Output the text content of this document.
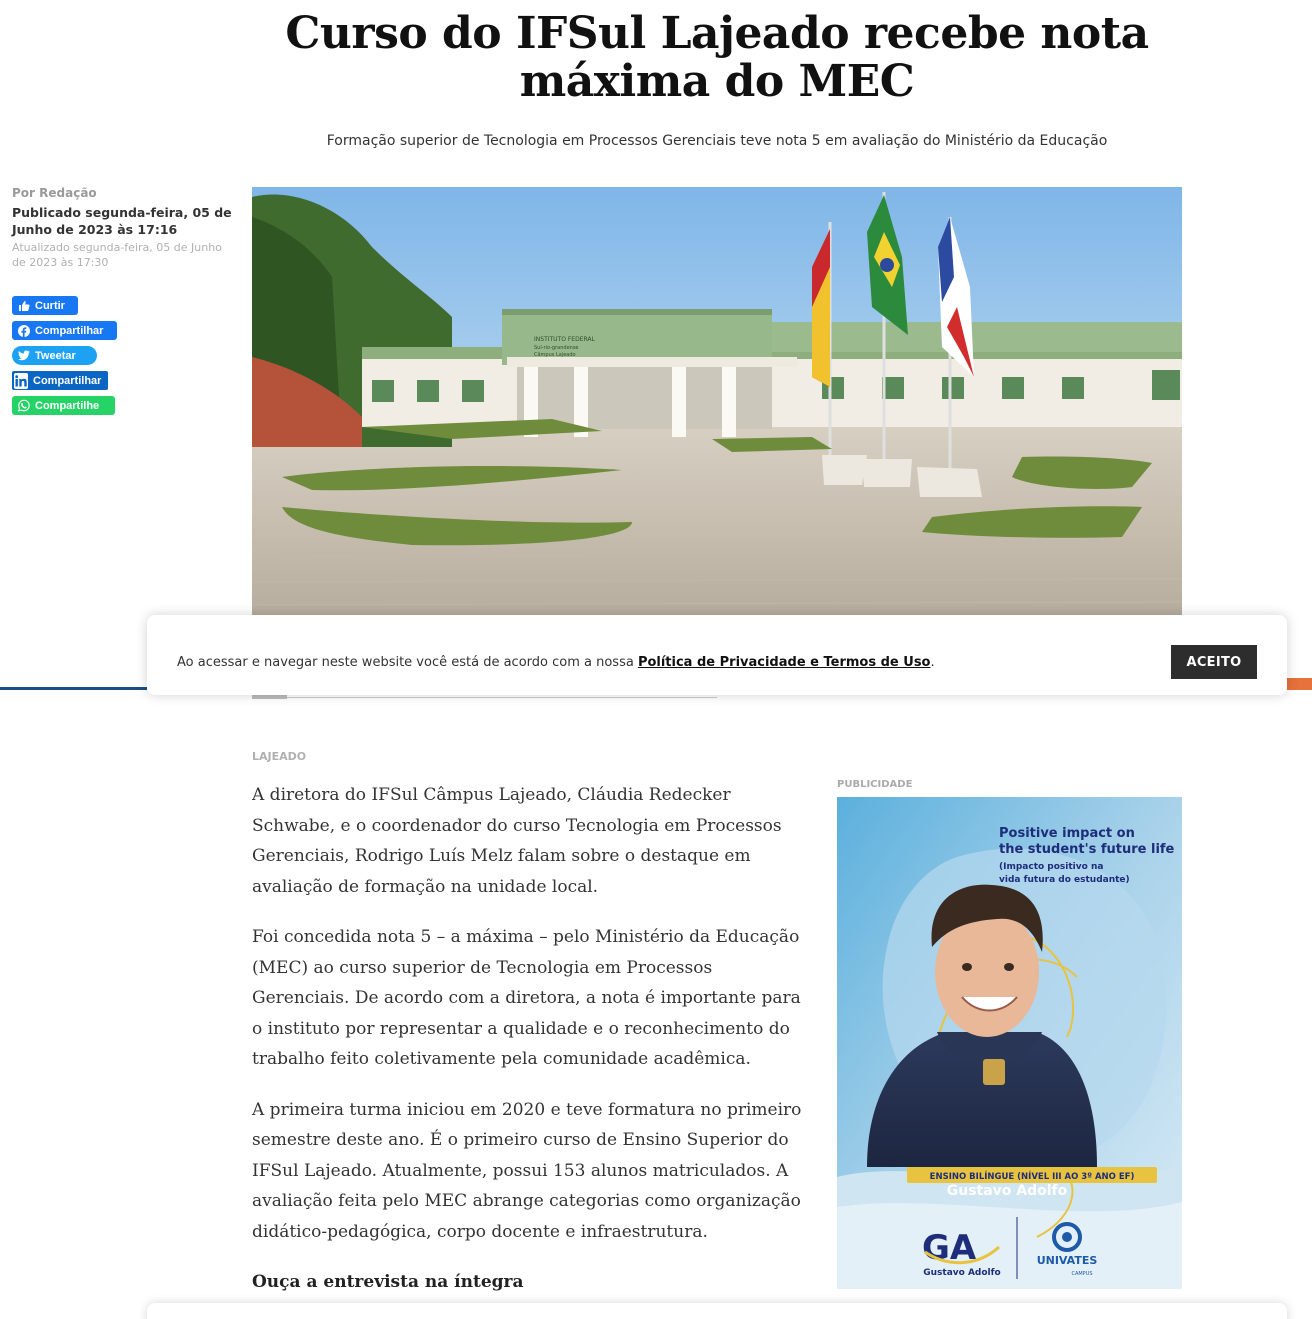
Curso do IFSul Lajeado recebe nota máxima do MEC
Formação superior de Tecnologia em Processos Gerenciais teve nota 5 em avaliação do Ministério da Educação
Por Redação
Publicado segunda-feira, 05 de Junho de 2023 às 17:16
Atualizado segunda-feira, 05 de Junho de 2023 às 17:30
Curtir
Compartilhar
Tweetar
Compartilhar
Compartilhe
INSTITUTO FEDERAL
Sul-rio-grandense
Câmpus Lajeado
Ao acessar e navegar neste website você está de acordo com a nossa Política de Privacidade e Termos de Uso.	ACEITO
LAJEADO

A diretora do IFSul Câmpus Lajeado, Cláudia Redecker Schwabe, e o coordenador do curso Tecnologia em Processos Gerenciais, Rodrigo Luís Melz falam sobre o destaque em avaliação de formação na unidade local.

Foi concedida nota 5 – a máxima – pelo Ministério da Educação (MEC) ao curso superior de Tecnologia em Processos Gerenciais. De acordo com a diretora, a nota é importante para o instituto por representar a qualidade e o reconhecimento do trabalho feito coletivamente pela comunidade acadêmica.

A primeira turma iniciou em 2020 e teve formatura no primeiro semestre deste ano. É o primeiro curso de Ensino Superior do IFSul Lajeado. Atualmente, possui 153 alunos matriculados. A avaliação feita pelo MEC abrange categorias como organização didático-pedagógica, corpo docente e infraestrutura.

Ouça a entrevista na íntegra

PUBLICIDADE
Positive impact on
the student's future life
(Impacto positivo na
vida futura do estudante)
ENSINO BILÍNGUE (NÍVEL III AO 3º ANO EF)
Gustavo Adolfo
GA
Gustavo Adolfo
UNIVATES
CAMPUS
